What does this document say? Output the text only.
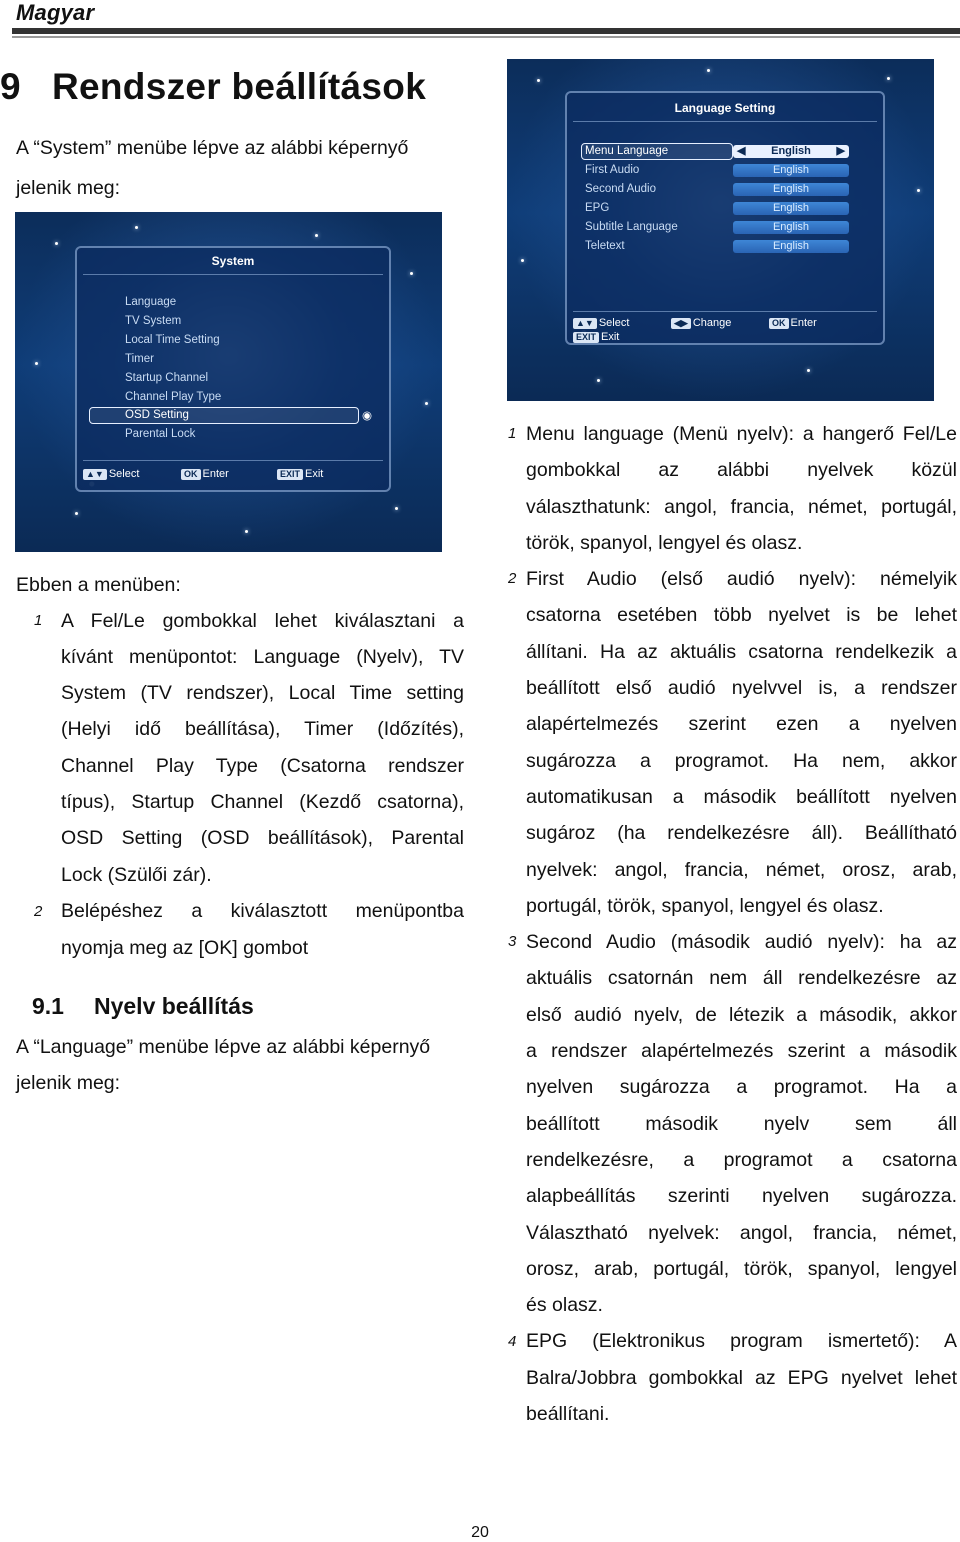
Magyar
9 Rendszer beállítások
A “System” menübe lépve az alábbi képernyő
jelenik meg:
System
Language
TV System
Local Time Setting
Timer
Startup Channel
Channel Play Type
OSD Setting	◉
Parental Lock
▲▼ Select	OK Enter	EXIT Exit
Language Setting
Menu Language	◀ English ▶
First Audio	English
Second Audio	English
EPG	English
Subtitle Language	English
Teletext	English
▲▼ Select	◀▶ Change	OK Enter
EXIT Exit
Ebben a menüben:
1 A Fel/Le gombokkal lehet kiválasztani a
kívánt menüpontot: Language (Nyelv), TV
System (TV rendszer), Local Time setting
(Helyi idő beállítása), Timer (Időzítés),
Channel Play Type (Csatorna rendszer
típus), Startup Channel (Kezdő csatorna),
OSD Setting (OSD beállítások), Parental
Lock (Szülői zár).
2 Belépéshez a kiválasztott menüpontba
nyomja meg az [OK] gombot
9.1 Nyelv beállítás
A “Language” menübe lépve az alábbi képernyő
jelenik meg:
1 Menu language (Menü nyelv): a hangerő Fel/Le
gombokkal az alábbi nyelvek közül
választhatunk: angol, francia, német, portugál,
török, spanyol, lengyel és olasz.
2 First Audio (első audió nyelv): némelyik
csatorna esetében több nyelvet is be lehet
állítani. Ha az aktuális csatorna rendelkezik a
beállított első audió nyelvvel is, a rendszer
alapértelmezés szerint ezen a nyelven
sugározza a programot. Ha nem, akkor
automatikusan a második beállított nyelven
sugároz (ha rendelkezésre áll). Beállítható
nyelvek: angol, francia, német, orosz, arab,
portugál, török, spanyol, lengyel és olasz.
3 Second Audio (második audió nyelv): ha az
aktuális csatornán nem áll rendelkezésre az
első audió nyelv, de létezik a második, akkor
a rendszer alapértelmezés szerint a második
nyelven sugározza a programot. Ha a
beállított második nyelv sem áll
rendelkezésre, a programot a csatorna
alapbeállítás szerinti nyelven sugározza.
Választható nyelvek: angol, francia, német,
orosz, arab, portugál, török, spanyol, lengyel
és olasz.
4 EPG (Elektronikus program ismertető): A
Balra/Jobbra gombokkal az EPG nyelvet lehet
beállítani.
20
